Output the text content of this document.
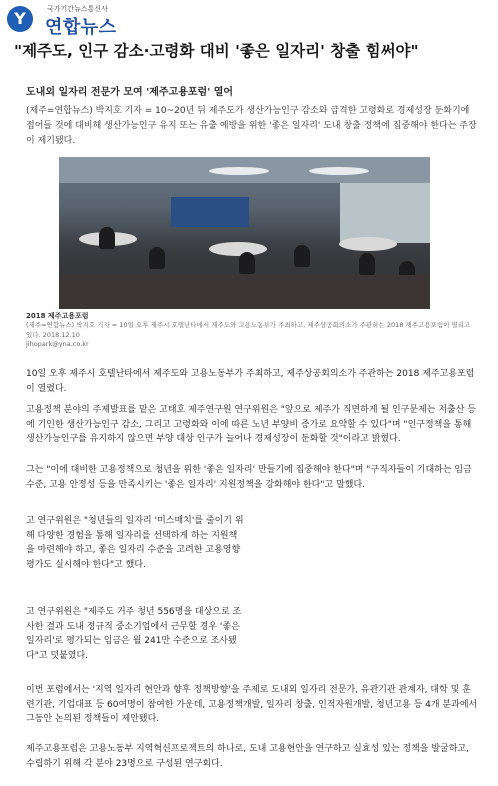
Y	국가기간뉴스통신사
연합뉴스
"제주도, 인구 감소·고령화 대비 '좋은 일자리' 창출 힘써야"
도내외 일자리 전문가 모여 '제주고용포럼' 열어

(제주=연합뉴스) 박지호 기자 = 10~20년 뒤 제주도가 생산가능인구 감소와 급격한 고령화로 경제성장 둔화기에 접어들 것에 대비해 생산가능인구 유지 또는 유출 예방을 위한 '좋은 일자리' 도내 창출 정책에 집중해야 한다는 주장이 제기됐다.

2018 제주고용포럼

(제주=연합뉴스) 박지호 기자 = 10일 오후 제주시 호텔난타에서 제주도와 고용노동부가 주최하고, 제주상공회의소가 주관하는 2018 제주고용포럼이 열리고 있다. 2018.12.10

jihopark@yna.co.kr

10일 오후 제주시 호텔난타에서 제주도와 고용노동부가 주최하고, 제주상공회의소가 주관하는 2018 제주고용포럼이 열렸다.

고용정책 분야의 주제발표를 맡은 고태호 제주연구원 연구위원은 "앞으로 제주가 직면하게 될 인구문제는 저출산 등에 기인한 생산가능인구 감소, 그리고 고령화와 이에 따른 노년 부양비 증가로 요약할 수 있다"며 "인구정책을 통해 생산가능인구를 유지하지 않으면 부양 대상 인구가 늘어나 경제성장이 둔화할 것"이라고 밝혔다.

그는 "이에 대비한 고용정책으로 청년을 위한 '좋은 일자리' 만들기에 집중해야 한다"며 "구직자들이 기대하는 임금수준, 고용 안정성 등을 만족시키는 '좋은 일자리' 지원정책을 강화해야 한다"고 말했다.

고 연구위원은 "청년들의 일자리 '미스매치'를 줄이기 위해 다양한 경험을 통해 일자리를 선택하게 하는 지원책을 마련해야 하고, 좋은 일자리 수준을 고려한 고용영향평가도 실시해야 한다"고 했다.

고 연구위원은 "제주도 거주 청년 556명을 대상으로 조사한 결과 도내 정규직 중소기업에서 근무할 경우 '좋은 일자리'로 평가되는 임금은 월 241만 수준으로 조사됐다"고 덧붙였다.

이번 포럼에서는 '지역 일자리 현안과 향후 정책방향'을 주제로 도내외 일자리 전문가, 유관기관 관계자, 대학 및 훈련기관, 기업대표 등 60여명이 참여한 가운데, 고용정책개발, 일자리 창출, 인적자원개발, 청년고용 등 4개 분과에서 그동안 논의된 정책들이 제안됐다.

제주고용포럼은 고용노동부 지역혁신프로젝트의 하나로, 도내 고용현안을 연구하고 실효성 있는 정책을 발굴하고, 수립하기 위해 각 분야 23명으로 구성된 연구회다.
